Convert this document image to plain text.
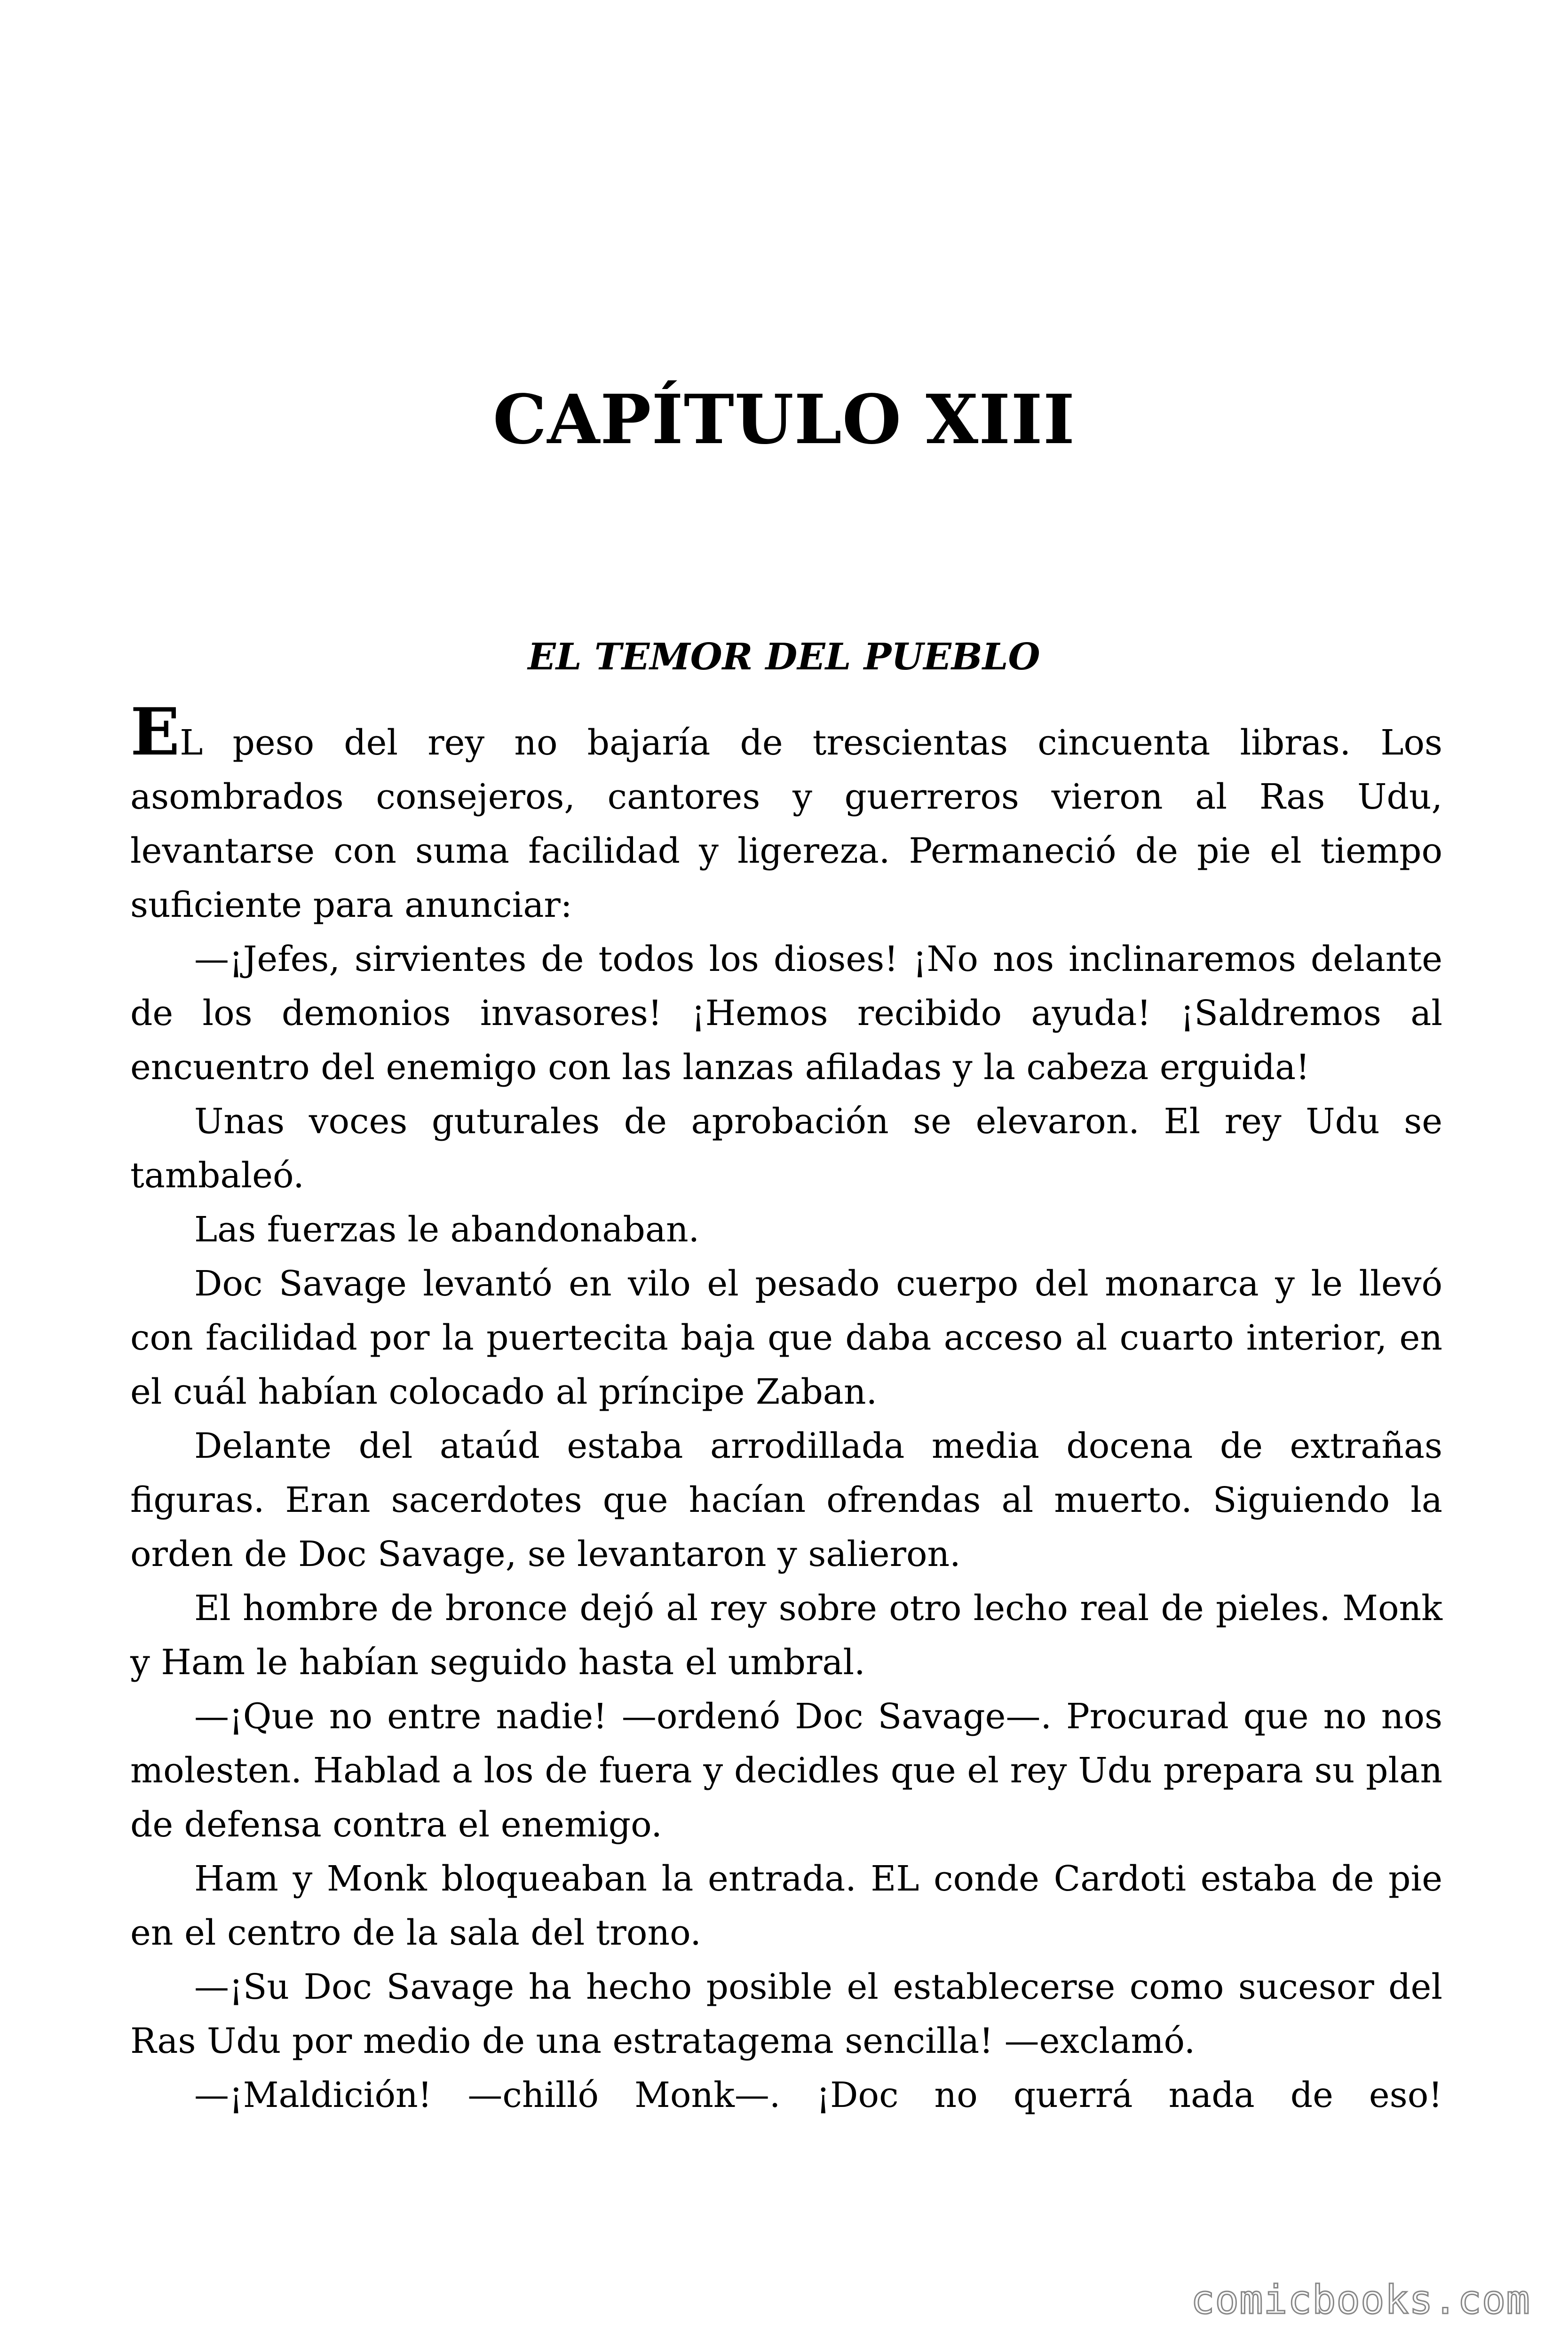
CAPÍTULO XIII
EL TEMOR DEL PUEBLO

EL peso del rey no bajaría de trescientas cincuenta libras. Los asombrados consejeros, cantores y guerreros vieron al Ras Udu, levantarse con suma facilidad y ligereza. Permaneció de pie el tiempo suficiente para anunciar:

—¡Jefes, sirvientes de todos los dioses! ¡No nos inclinaremos delante de los demonios invasores! ¡Hemos recibido ayuda! ¡Saldremos al encuentro del enemigo con las lanzas afiladas y la cabeza erguida!

Unas voces guturales de aprobación se elevaron. El rey Udu se tambaleó.

Las fuerzas le abandonaban.

Doc Savage levantó en vilo el pesado cuerpo del monarca y le llevó con facilidad por la puertecita baja que daba acceso al cuarto interior, en el cuál habían colocado al príncipe Zaban.

Delante del ataúd estaba arrodillada media docena de extrañas figuras. Eran sacerdotes que hacían ofrendas al muerto. Siguiendo la orden de Doc Savage, se levantaron y salieron.

El hombre de bronce dejó al rey sobre otro lecho real de pieles. Monk y Ham le habían seguido hasta el umbral.

—¡Que no entre nadie! —ordenó Doc Savage—. Procurad que no nos molesten. Hablad a los de fuera y decidles que el rey Udu prepara su plan de defensa contra el enemigo.

Ham y Monk bloqueaban la entrada. EL conde Cardoti estaba de pie en el centro de la sala del trono.

—¡Su Doc Savage ha hecho posible el establecerse como sucesor del Ras Udu por medio de una estratagema sencilla! —exclamó.

—¡Maldición! —chilló Monk—. ¡Doc no querrá nada de eso!

comicbooks.com
